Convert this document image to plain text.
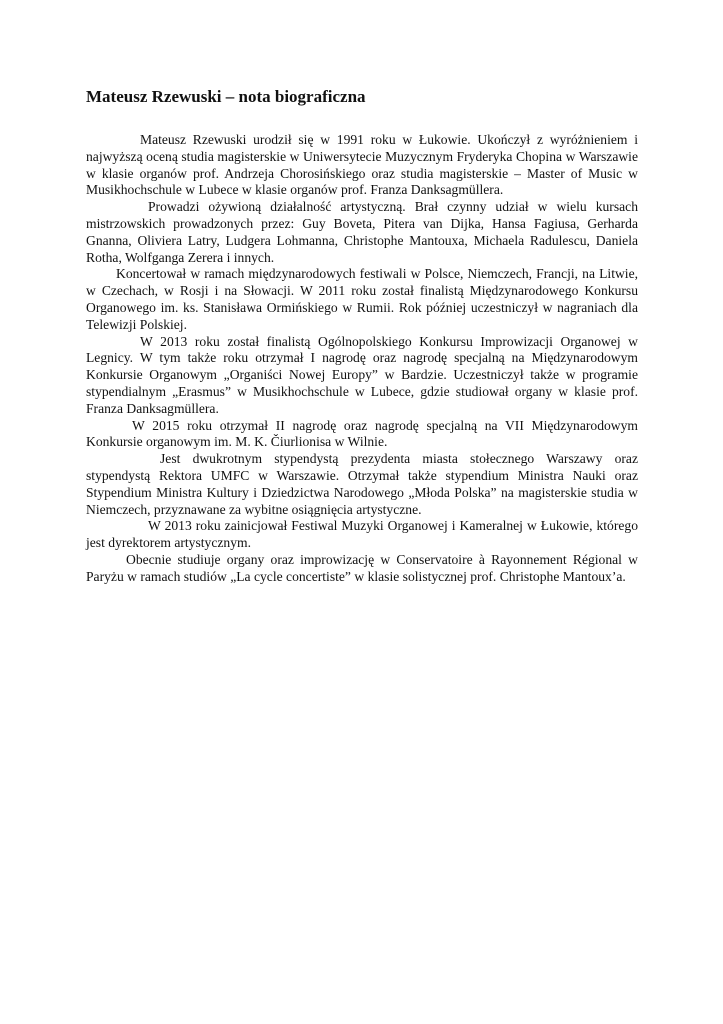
Mateusz Rzewuski – nota biograficzna

Mateusz Rzewuski urodził się w 1991 roku w Łukowie. Ukończył z wyróżnieniem i najwyższą oceną studia magisterskie w Uniwersytecie Muzycznym Fryderyka Chopina w Warszawie w klasie organów prof. Andrzeja Chorosińskiego oraz studia magisterskie – Master of Music w Musikhochschule w Lubece w klasie organów prof. Franza Danksagmüllera.

Prowadzi ożywioną działalność artystyczną. Brał czynny udział w wielu kursach mistrzowskich prowadzonych przez: Guy Boveta, Pitera van Dijka, Hansa Fagiusa, Gerharda Gnanna, Oliviera Latry, Ludgera Lohmanna, Christophe Mantouxa, Michaela Radulescu, Daniela Rotha, Wolfganga Zerera i innych.

Koncertował w ramach międzynarodowych festiwali w Polsce, Niemczech, Francji, na Litwie, w Czechach, w Rosji i na Słowacji. W 2011 roku został finalistą Międzynarodowego Konkursu Organowego im. ks. Stanisława Ormińskiego w Rumii. Rok później uczestniczył w nagraniach dla Telewizji Polskiej.

W 2013 roku został finalistą Ogólnopolskiego Konkursu Improwizacji Organowej w Legnicy. W tym także roku otrzymał I nagrodę oraz nagrodę specjalną na Międzynarodowym Konkursie Organowym „Organiści Nowej Europy” w Bardzie. Uczestniczył także w programie stypendialnym „Erasmus” w Musikhochschule w Lubece, gdzie studiował organy w klasie prof. Franza Danksagmüllera.

W 2015 roku otrzymał II nagrodę oraz nagrodę specjalną na VII Międzynarodowym Konkursie organowym im. M. K. Čiurlionisa w Wilnie.

Jest dwukrotnym stypendystą prezydenta miasta stołecznego Warszawy oraz stypendystą Rektora UMFC w Warszawie. Otrzymał także stypendium Ministra Nauki oraz Stypendium Ministra Kultury i Dziedzictwa Narodowego „Młoda Polska” na magisterskie studia w Niemczech, przyznawane za wybitne osiągnięcia artystyczne.

W 2013 roku zainicjował Festiwal Muzyki Organowej i Kameralnej w Łukowie, którego jest dyrektorem artystycznym.

Obecnie studiuje organy oraz improwizację w Conservatoire à Rayonnement Régional w Paryżu w ramach studiów „La cycle concertiste” w klasie solistycznej prof. Christophe Mantoux’a.
